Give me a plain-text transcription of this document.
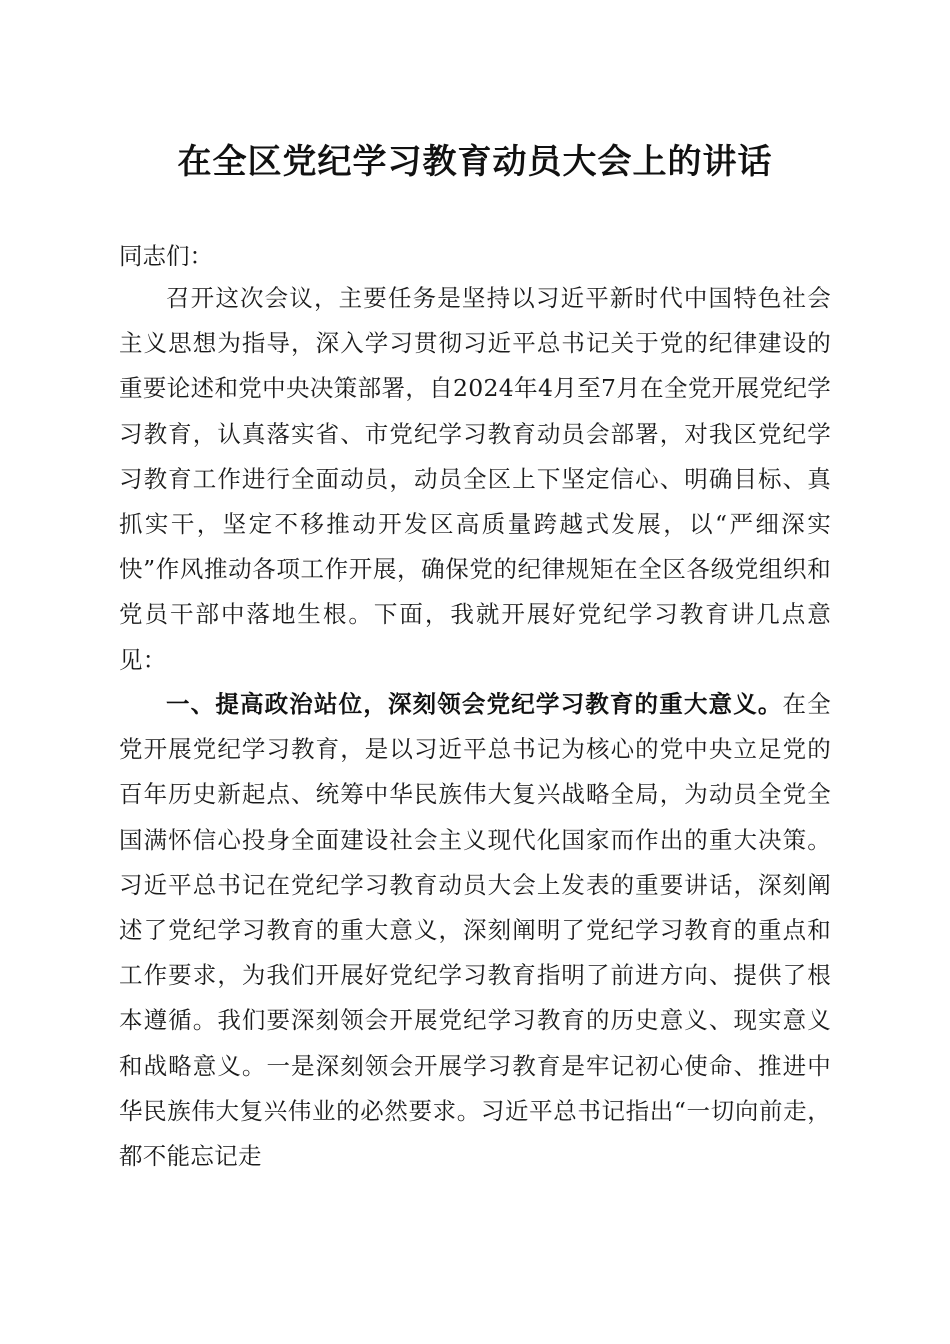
在全区党纪学习教育动员大会上的讲话
同志们：

召开这次会议，主要任务是坚持以习近平新时代中国特色社会主义思想为指导，深入学习贯彻习近平总书记关于党的纪律建设的重要论述和党中央决策部署，自2024年4月至7月在全党开展党纪学习教育，认真落实省、市党纪学习教育动员会部署，对我区党纪学习教育工作进行全面动员，动员全区上下坚定信心、明确目标、真抓实干，坚定不移推动开发区高质量跨越式发展，以“严细深实快”作风推动各项工作开展，确保党的纪律规矩在全区各级党组织和党员干部中落地生根。下面，我就开展好党纪学习教育讲几点意见：

一、提高政治站位，深刻领会党纪学习教育的重大意义。在全党开展党纪学习教育，是以习近平总书记为核心的党中央立足党的百年历史新起点、统筹中华民族伟大复兴战略全局，为动员全党全国满怀信心投身全面建设社会主义现代化国家而作出的重大决策。习近平总书记在党纪学习教育动员大会上发表的重要讲话，深刻阐述了党纪学习教育的重大意义，深刻阐明了党纪学习教育的重点和工作要求，为我们开展好党纪学习教育指明了前进方向、提供了根本遵循。我们要深刻领会开展党纪学习教育的历史意义、现实意义和战略意义。一是深刻领会开展学习教育是牢记初心使命、推进中华民族伟大复兴伟业的必然要求。习近平总书记指出“一切向前走，都不能忘记走
